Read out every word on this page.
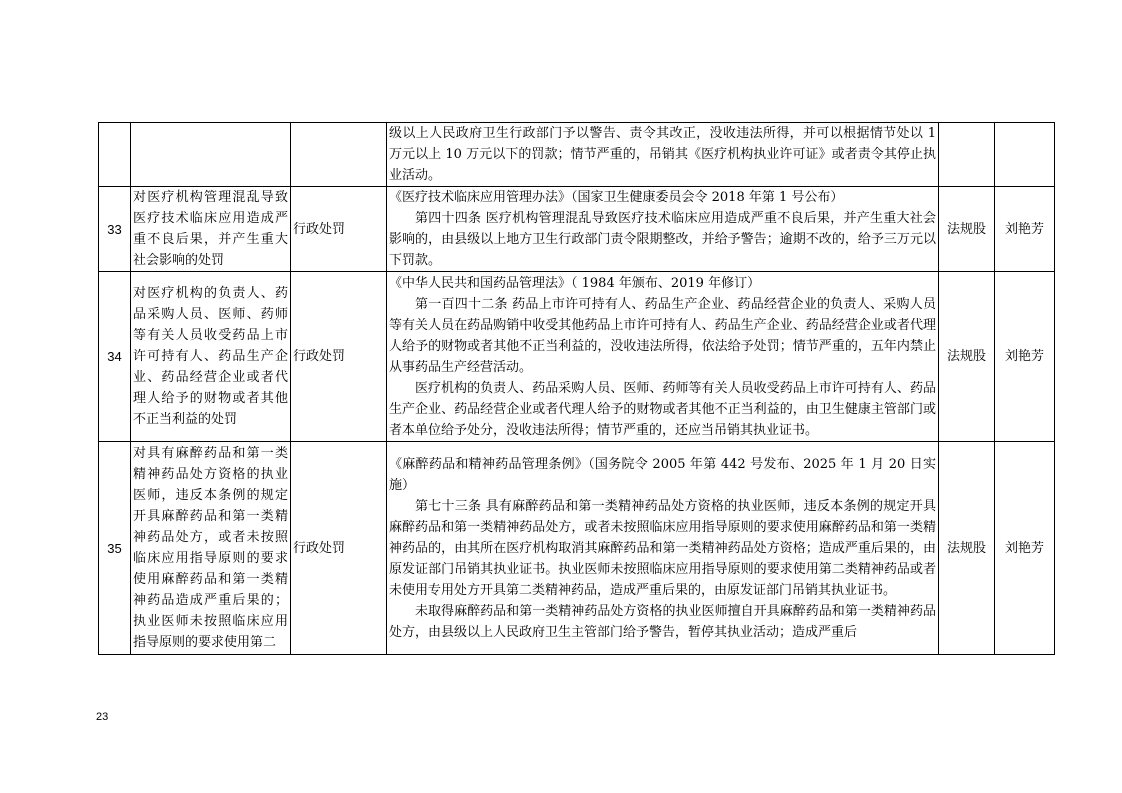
			级以上人民政府卫生行政部门予以警告、责令其改正，没收违法所得，并可以根据情节处以 1 万元以上 10 万元以下的罚款；情节严重的，吊销其《医疗机构执业许可证》或者责令其停止执业活动。		

33	对医疗机构管理混乱导致医疗技术临床应用造成严重不良后果，并产生重大社会影响的处罚	行政处罚	《医疗技术临床应用管理办法》（国家卫生健康委员会令 2018 年第 1 号公布）

第四十四条 医疗机构管理混乱导致医疗技术临床应用造成严重不良后果，并产生重大社会影响的，由县级以上地方卫生行政部门责令限期整改，并给予警告；逾期不改的，给予三万元以下罚款。	法规股	刘艳芳
34	对医疗机构的负责人、药品采购人员、医师、药师等有关人员收受药品上市许可持有人、药品生产企业、药品经营企业或者代理人给予的财物或者其他不正当利益的处罚	行政处罚	《中华人民共和国药品管理法》（ 1984 年颁布、2019 年修订）

第一百四十二条 药品上市许可持有人、药品生产企业、药品经营企业的负责人、采购人员等有关人员在药品购销中收受其他药品上市许可持有人、药品生产企业、药品经营企业或者代理人给予的财物或者其他不正当利益的，没收违法所得，依法给予处罚；情节严重的，五年内禁止从事药品生产经营活动。

医疗机构的负责人、药品采购人员、医师、药师等有关人员收受药品上市许可持有人、药品生产企业、药品经营企业或者代理人给予的财物或者其他不正当利益的，由卫生健康主管部门或者本单位给予处分，没收违法所得；情节严重的，还应当吊销其执业证书。	法规股	刘艳芳
35	对具有麻醉药品和第一类精神药品处方资格的执业医师，违反本条例的规定开具麻醉药品和第一类精神药品处方，或者未按照临床应用指导原则的要求使用麻醉药品和第一类精神药品造成严重后果的；执业医师未按照临床应用指导原则的要求使用第二	行政处罚	《麻醉药品和精神药品管理条例》（国务院令 2005 年第 442 号发布、2025 年 1 月 20 日实施）

第七十三条 具有麻醉药品和第一类精神药品处方资格的执业医师，违反本条例的规定开具麻醉药品和第一类精神药品处方，或者未按照临床应用指导原则的要求使用麻醉药品和第一类精神药品的，由其所在医疗机构取消其麻醉药品和第一类精神药品处方资格；造成严重后果的，由原发证部门吊销其执业证书。执业医师未按照临床应用指导原则的要求使用第二类精神药品或者未使用专用处方开具第二类精神药品，造成严重后果的，由原发证部门吊销其执业证书。

未取得麻醉药品和第一类精神药品处方资格的执业医师擅自开具麻醉药品和第一类精神药品处方，由县级以上人民政府卫生主管部门给予警告，暂停其执业活动；造成严重后	法规股	刘艳芳
23
